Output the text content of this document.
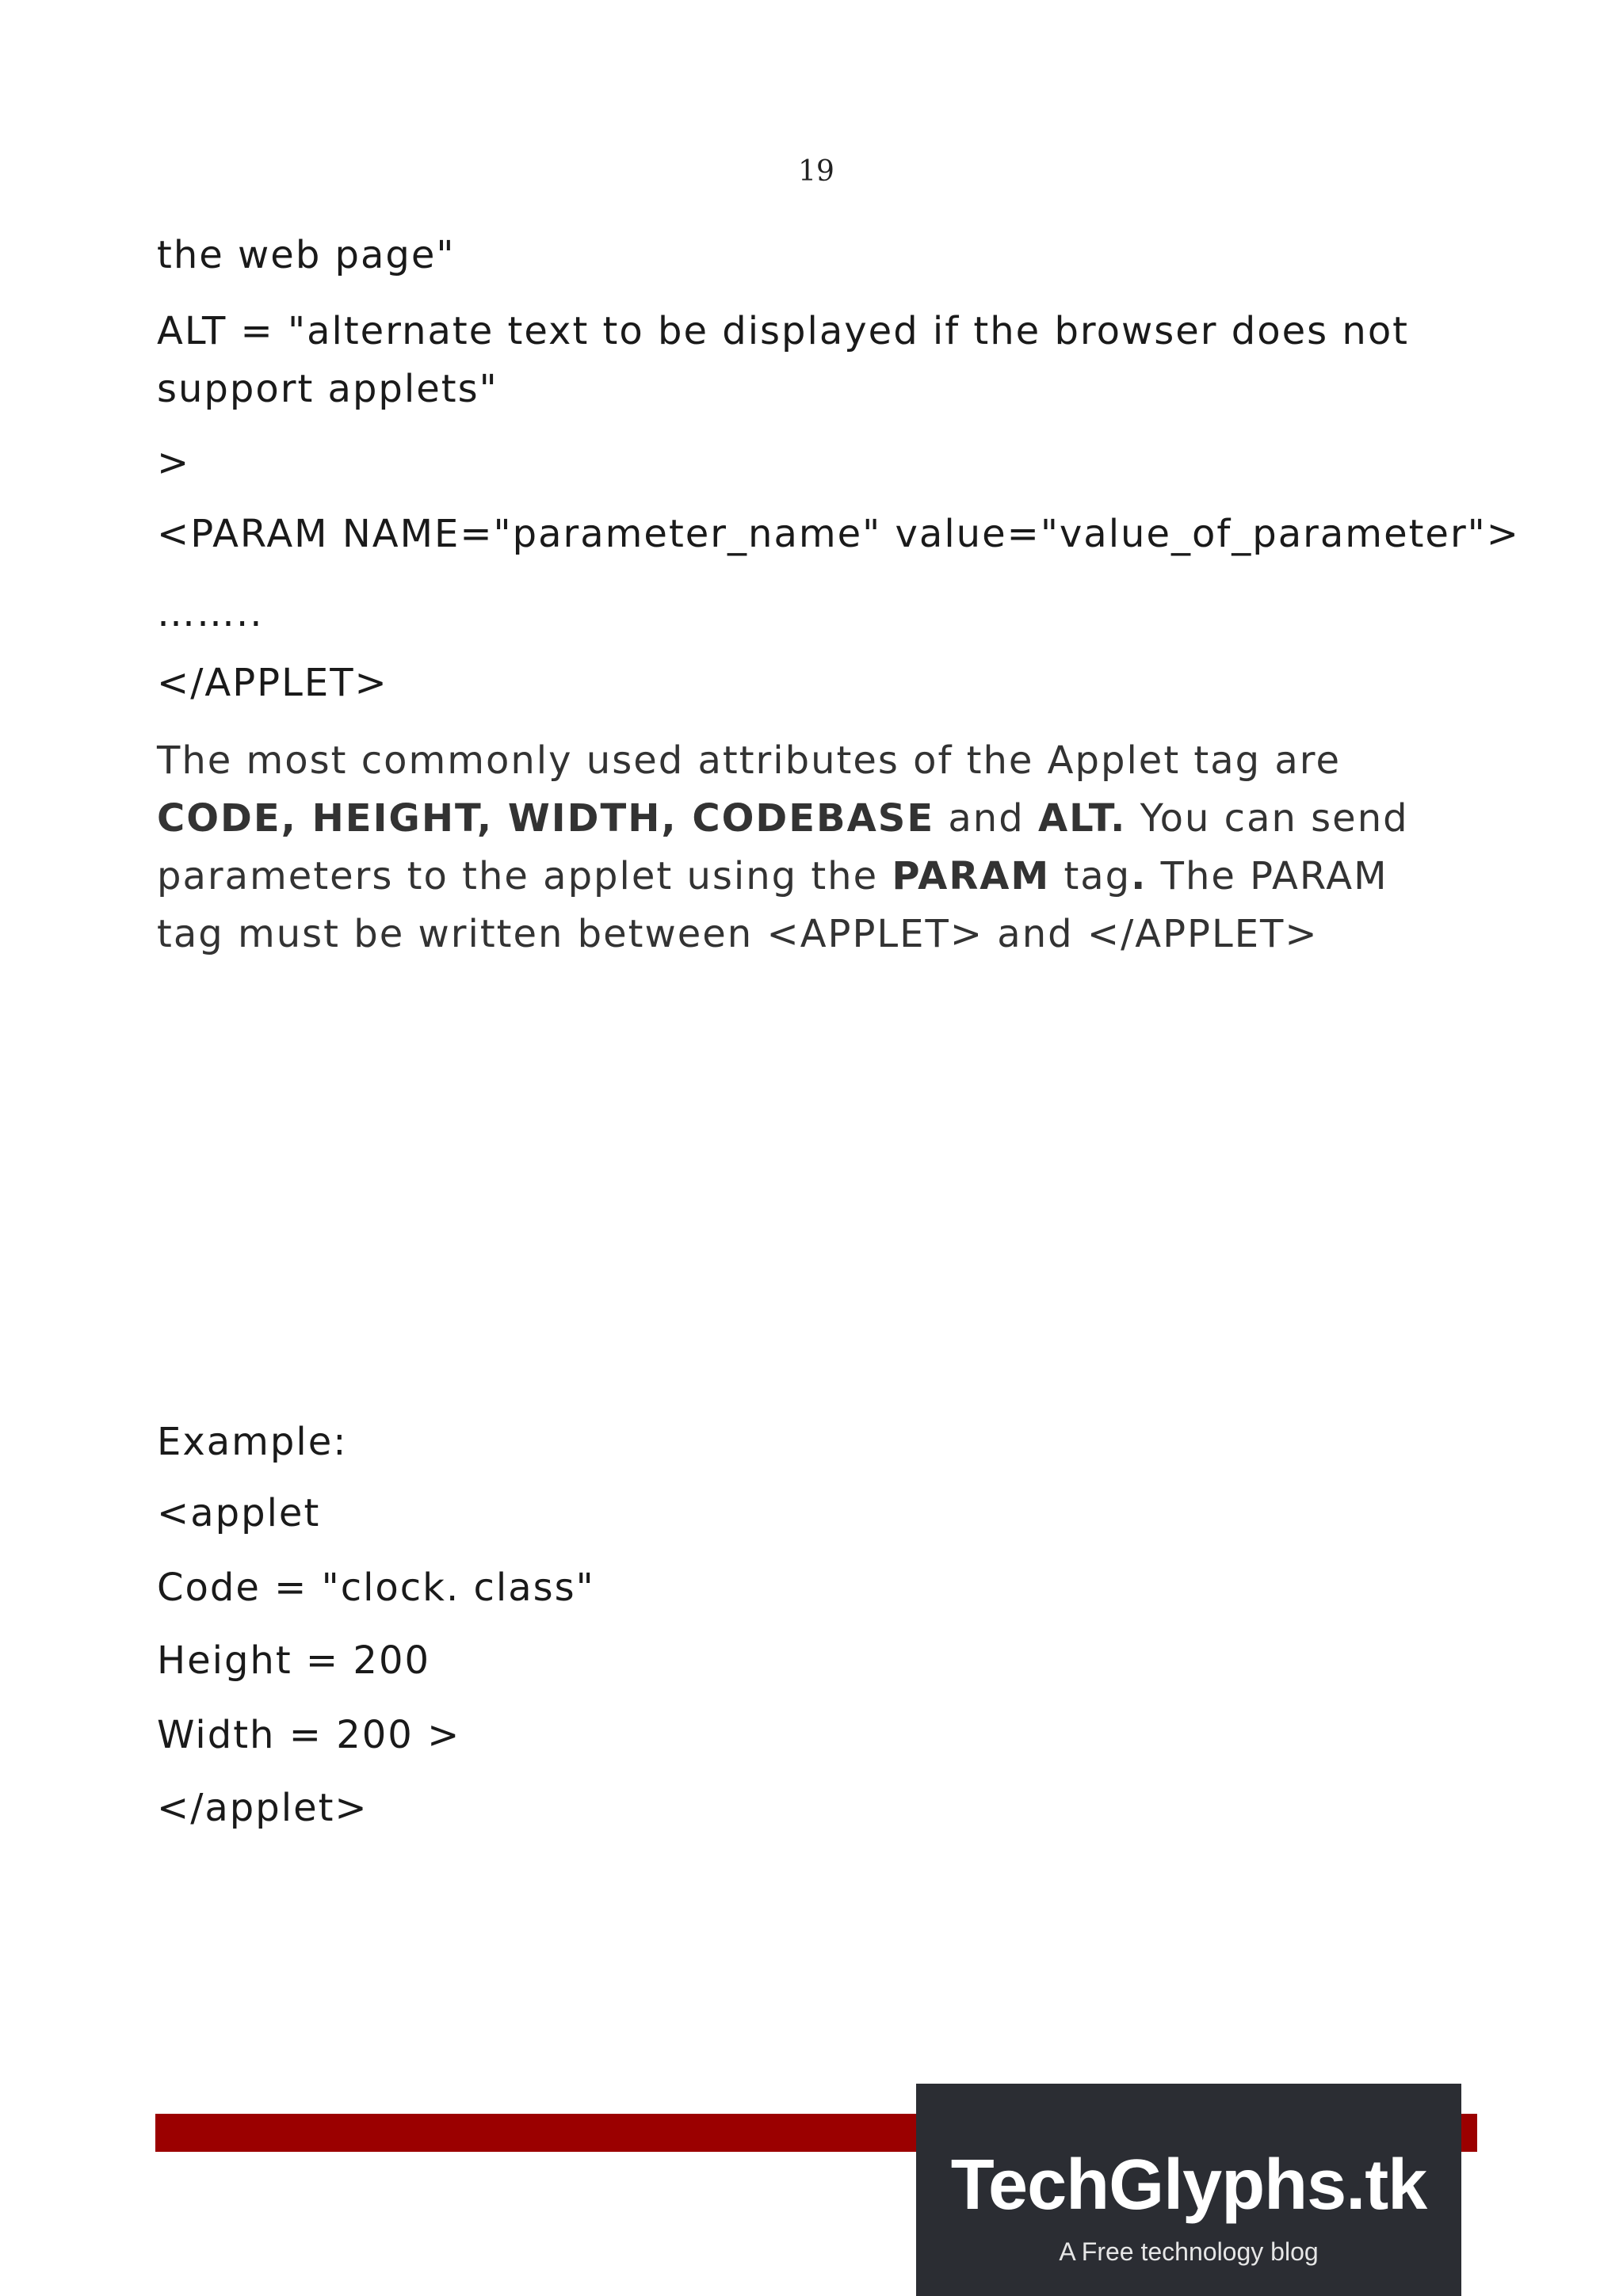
19
the web page"
ALT = "alternate text to be displayed if the browser does not support applets"
>
<PARAM NAME="parameter_name" value="value_of_parameter">
……..
</APPLET>
The most commonly used attributes of the Applet tag are CODE, HEIGHT, WIDTH, CODEBASE and ALT. You can send parameters to the applet using the PARAM tag. The PARAM tag must be written between <APPLET> and </APPLET>
Example:
<applet
Code = "clock. class"
Height = 200
Width = 200 >
</applet>
TechGlyphs.tk
A Free technology blog
